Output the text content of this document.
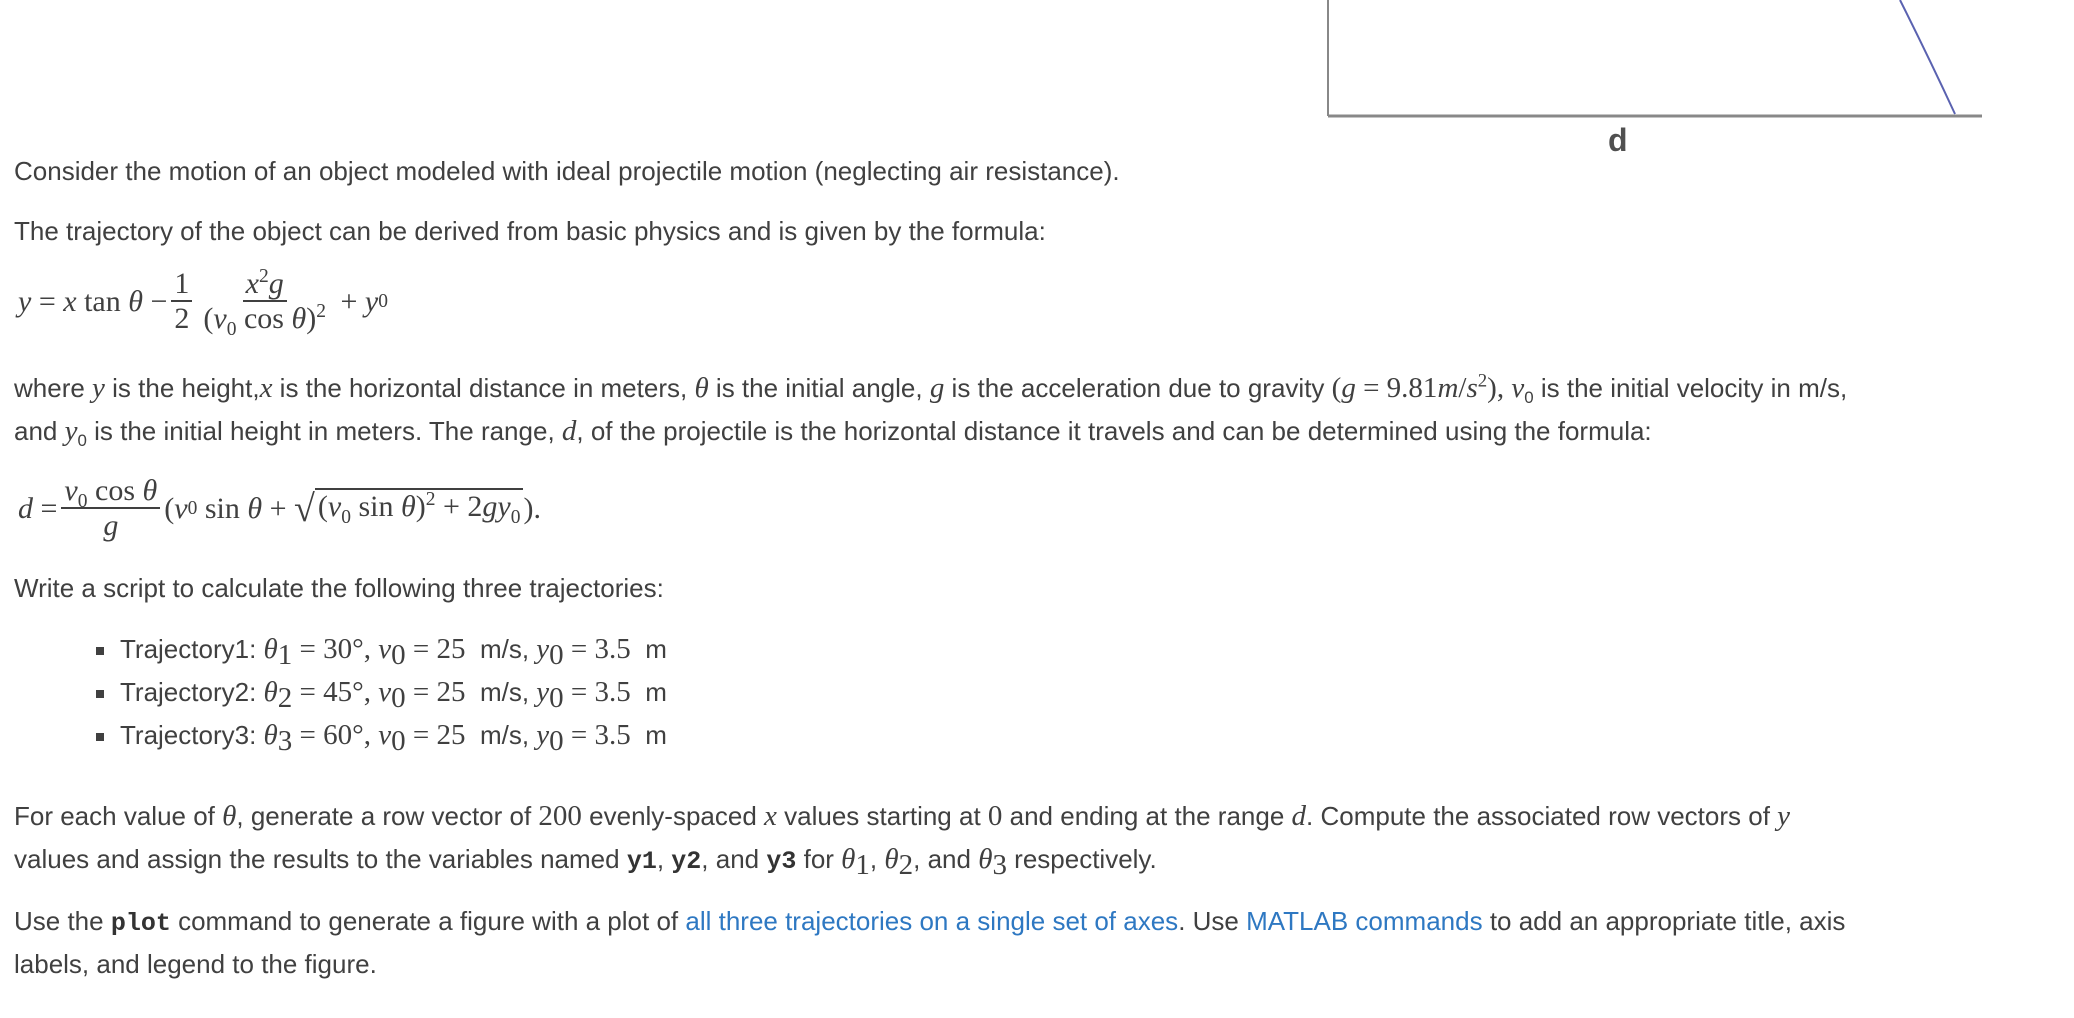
d

Consider the motion of an object modeled with ideal projectile motion (neglecting air resistance).

The trajectory of the object can be derived from basic physics and is given by the formula:

y = x $\tan \theta - \frac{1}{2} \frac{x^2g}{(v_0 \cos \theta)^2} + y$ 0

where y is the height,x is the horizontal distance in meters, θ is the initial angle, g is the acceleration due to gravity $(g = 9.81m/s^2)$, $v_0$ is the initial velocity in m/s,

and $y_0$ is the initial height in meters. The range, d, of the projectile is the horizontal distance it travels and can be determined using the formula:

$d = \frac{v_0 \cos \theta}{g}$ ( v 0 sin θ + √ ($v_0$ $\sin \theta)^2 + 2gy_0$ ).

Write a script to calculate the following three trajectories:

Trajectory1: $\theta_1 = 30^\circ$, $v_0 = 25$ m/s, $y_0 = 3.5$ m
Trajectory2: $\theta_2 = 45^\circ$, $v_0 = 25$ m/s, $y_0 = 3.5$ m
Trajectory3: $\theta_3 = 60^\circ$, $v_0 = 25$ m/s, $y_0 = 3.5$ m

For each value of θ, generate a row vector of 200 evenly-spaced x values starting at 0 and ending at the range d. Compute the associated row vectors of y

values and assign the results to the variables named y1, y2, and y3 for $\theta_1$, $\theta_2$, and $\theta_3$ respectively.

Use the plot command to generate a figure with a plot of all three trajectories on a single set of axes. Use MATLAB commands to add an appropriate title, axis

labels, and legend to the figure.
